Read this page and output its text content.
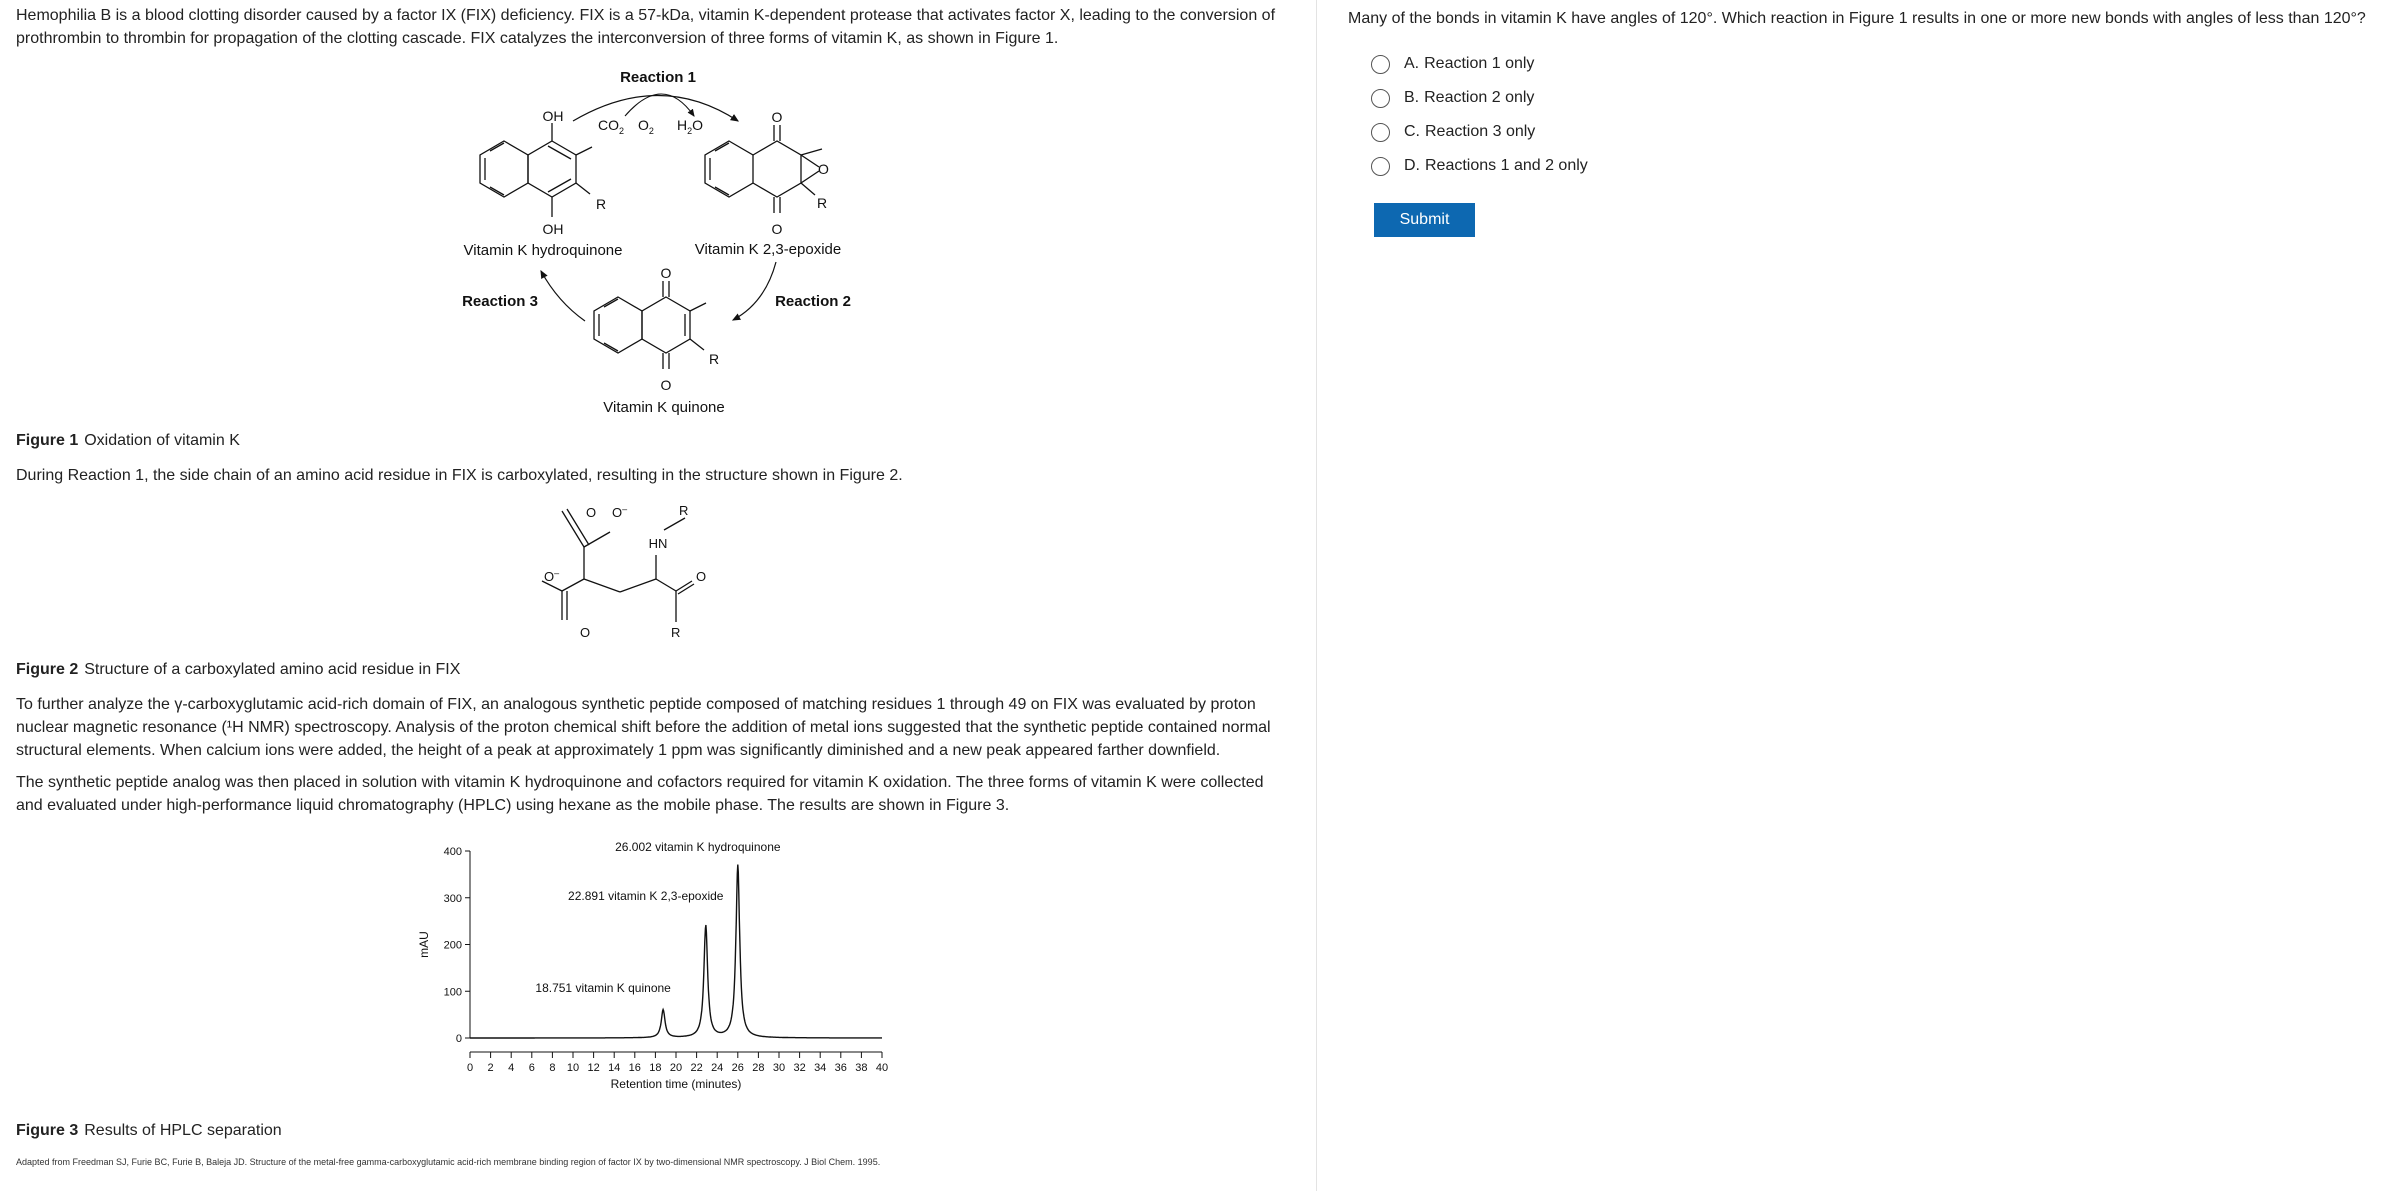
Hemophilia B is a blood clotting disorder caused by a factor IX (FIX) deficiency. FIX is a 57-kDa, vitamin K-dependent protease that activates factor X, leading to the conversion of prothrombin to thrombin for propagation of the clotting cascade. FIX catalyzes the interconversion of three forms of vitamin K, as shown in Figure 1.

Reaction 1
Reaction 3	Reaction 2
$CO_2$ $O_2$ $H_2O$
OH
R
OH
Vitamin K hydroquinone
O
O
R
O
Vitamin K 2,3-epoxide
O
R
O
Vitamin K quinone

Figure 1 Oxidation of vitamin K

During Reaction 1, the side chain of an amino acid residue in FIX is carboxylated, resulting in the structure shown in Figure 2.

O O–
O–
O
R
HN
O
R

Figure 2 Structure of a carboxylated amino acid residue in FIX

To further analyze the γ-carboxyglutamic acid-rich domain of FIX, an analogous synthetic peptide composed of matching residues 1 through 49 on FIX was evaluated by proton nuclear magnetic resonance (¹H NMR) spectroscopy. Analysis of the proton chemical shift before the addition of metal ions suggested that the synthetic peptide contained normal structural elements. When calcium ions were added, the height of a peak at approximately 1 ppm was significantly diminished and a new peak appeared farther downfield.

The synthetic peptide analog was then placed in solution with vitamin K hydroquinone and cofactors required for vitamin K oxidation. The three forms of vitamin K were collected and evaluated under high-performance liquid chromatography (HPLC) using hexane as the mobile phase. The results are shown in Figure 3.

0
100
200
300
400
0 2 4 6 8 10 12 14 16 18 20 22 24 26 28 30 32 34 36 38 40
18.751 vitamin K quinone
22.891 vitamin K 2,3-epoxide
26.002 vitamin K hydroquinone
mAU
Retention time (minutes)

Figure 3 Results of HPLC separation

Adapted from Freedman SJ, Furie BC, Furie B, Baleja JD. Structure of the metal-free gamma-carboxyglutamic acid-rich membrane binding region of factor IX by two-dimensional NMR spectroscopy. J Biol Chem. 1995.

Many of the bonds in vitamin K have angles of 120°. Which reaction in Figure 1 results in one or more new bonds with angles of less than 120°?

A. Reaction 1 only
B. Reaction 2 only
C. Reaction 3 only
D. Reactions 1 and 2 only
Submit
